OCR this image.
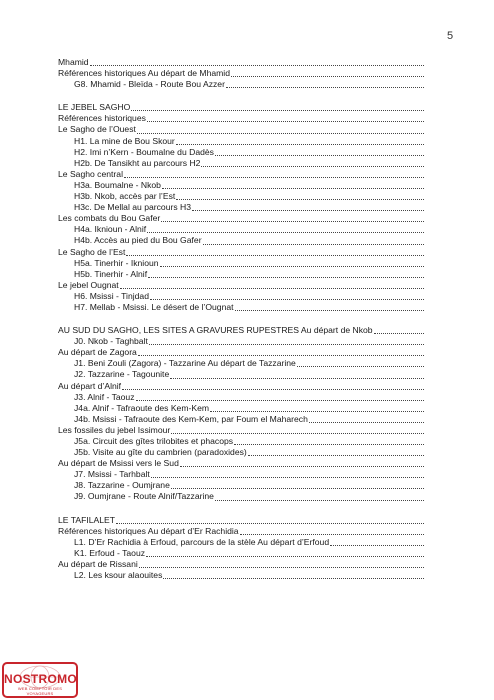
5
Mhamid
Références historiques Au départ de Mhamid
G8. Mhamid - Bleïda - Route Bou Azzer
LE JEBEL SAGHO
Références historiques
Le Sagho de l’Ouest
H1. La mine de Bou Skour
H2. Imi n’Kern - Boumalne du Dadès
H2b. De Tansikht au parcours H2
Le Sagho central
H3a. Boumalne - Nkob
H3b. Nkob, accès par l’Est
H3c. De Mellal au parcours H3
Les combats du Bou Gafer
H4a. Iknioun - Alnif
H4b. Accès au pied du Bou Gafer
Le Sagho de l’Est
H5a. Tinerhir - Iknioun
H5b. Tinerhir - Alnif
Le jebel Ougnat
H6. Msissi - Tinjdad
H7. Mellab - Msissi. Le désert de l’Ougnat
AU SUD DU SAGHO, LES SITES A GRAVURES RUPESTRES Au départ de Nkob
J0. Nkob - Taghbalt
Au départ de Zagora
J1. Beni Zouli (Zagora) - Tazzarine Au départ de Tazzarine
J2. Tazzarine - Tagounite
Au départ d’Alnif
J3. Alnif - Taouz
J4a. Alnif - Tafraoute des Kem-Kem
J4b. Msissi - Tafraoute des Kem-Kem, par Foum el Maharech
Les fossiles du jebel Issimour
J5a. Circuit des gîtes trilobites et phacops
J5b. Visite au gîte du cambrien (paradoxides)
Au départ de Msissi vers le Sud
J7. Msissi - Tarhbalt
J8. Tazzarine - Oumjrane
J9. Oumjrane - Route Alnif/Tazzarine
LE TAFILALET
Références historiques Au départ d’Er Rachidia
L1. D’Er Rachidia à Erfoud, parcours de la stèle Au départ d’Erfoud
K1. Erfoud - Taouz
Au départ de Rissani
L2. Les ksour alaouites
NOSTROMO
WEB COMPTOIR DES VOYAGEURS
